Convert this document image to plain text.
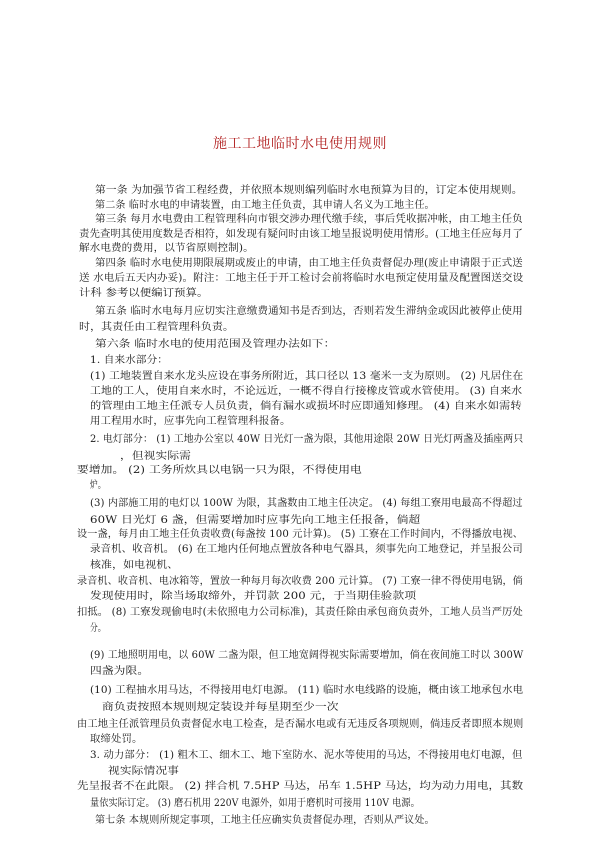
施工工地临时水电使用规则
第一条 为加强节省工程经费，并依照本规则编列临时水电预算为目的，订定本使用规则。
第二条 临时水电的申请装置，由工地主任负责，其申请人名义为工地主任。
第三条 每月水电费由工程管理科向市银交涉办理代缴手续，事后凭收据冲帐，由工地主任负
责先查明其使用度数是否相符，如发现有疑问时由该工地呈报说明使用情形。(工地主任应每月了
解水电费的费用，以节省原则控制)。
第四条 临时水电使用期限展期或废止的申请，由工地主任负责督促办理(废止申请限于正式送
送 水电后五天内办妥)。附注：工地主任于开工检讨会前将临时水电预定使用量及配置图送交设
计科 参考以便编订预算。
第五条 临时水电每月应切实注意缴费通知书是否到达，否则若发生滞纳金或因此被停止使用
时，其责任由工程管理科负责。
第六条 临时水电的使用范围及管理办法如下：
1. 自来水部分：
(1) 工地装置自来水龙头应设在事务所附近，其口径以 13 毫米一支为原则。 (2) 凡居住在
工地的工人，使用自来水时，不论远近，一概不得自行接橡皮管或水管使用。 (3) 自来水
的管理由工地主任派专人员负责，倘有漏水或损坏时应即通知修理。 (4) 自来水如需转
用工程用水时，应事先向工程管理科报备。
2. 电灯部分： (1) 工地办公室以 40W 日光灯一盏为限，其他用途限 20W 日光灯两盏及插座两只
，但视实际需
要增加。 (2) 工务所炊具以电锅一只为限，不得使用电
炉。
(3) 内部施工用的电灯以 100W 为限，其盏数由工地主任决定。 (4) 每组工寮用电最高不得超过
60W 日光灯 6 盏，但需要增加时应事先向工地主任报备，倘超
设一盏，每月由工地主任负责收费(每盏按 100 元计算)。 (5) 工寮在工作时间内，不得播放电视、
录音机、收音机。 (6) 在工地内任何地点置放各种电气器具，须事先向工地登记，并呈报公司
核准，如电视机、
录音机、收音机、电冰箱等，置放一种每月每次收费 200 元计算。 (7) 工寮一律不得使用电锅，倘
发现使用时，除当场取缔外，并罚款 200 元，于当期佳验款项
扣抵。 (8) 工寮发现偷电时(未依照电力公司标准)，其责任除由承包商负责外，工地人员当严厉处
分。
(9) 工地照明用电，以 60W 二盏为限，但工地宽阔得视实际需要增加，倘在夜间施工时以 300W
四盏为限。
(10) 工程抽水用马达，不得接用电灯电源。 (11) 临时水电线路的设施，概由该工地承包水电
商负责按照本规则规定装设并每星期至少一次
由工地主任派管理员负责督促水电工检查，是否漏水电或有无违反各项规则，倘违反者即照本规则
取缔处罚。
3. 动力部分： (1) 粗木工、细木工、地下室防水、泥水等使用的马达，不得接用电灯电源，但
视实际情况事
先呈报者不在此限。 (2) 拌合机 7.5HP 马达，吊车 1.5HP 马达，均为动力用电，其数
量依实际订定。 (3) 磨石机用 220V 电源外，如用于磨机时可接用 110V 电源。
第七条 本规则所规定事项，工地主任应确实负责督促办理，否则从严议处。
